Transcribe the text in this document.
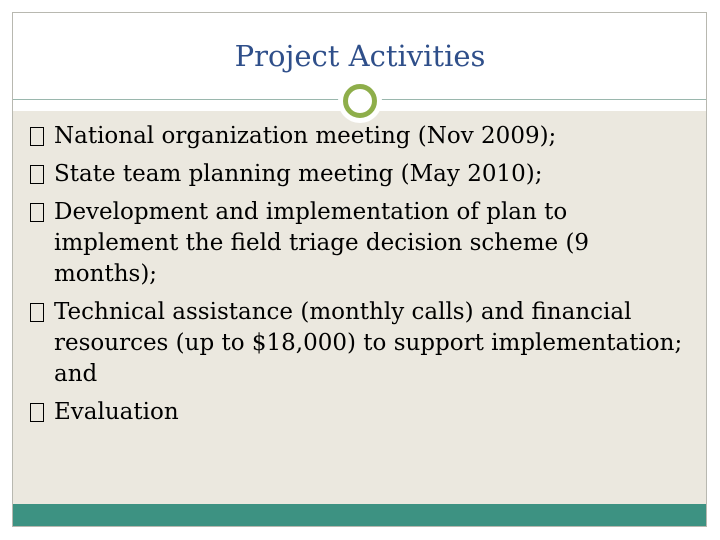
Project Activities
National organization meeting (Nov 2009);
State team planning meeting (May 2010);
Development and implementation of plan to implement the field triage decision scheme (9 months);
Technical assistance (monthly calls) and financial resources (up to $18,000) to support implementation; and
Evaluation
